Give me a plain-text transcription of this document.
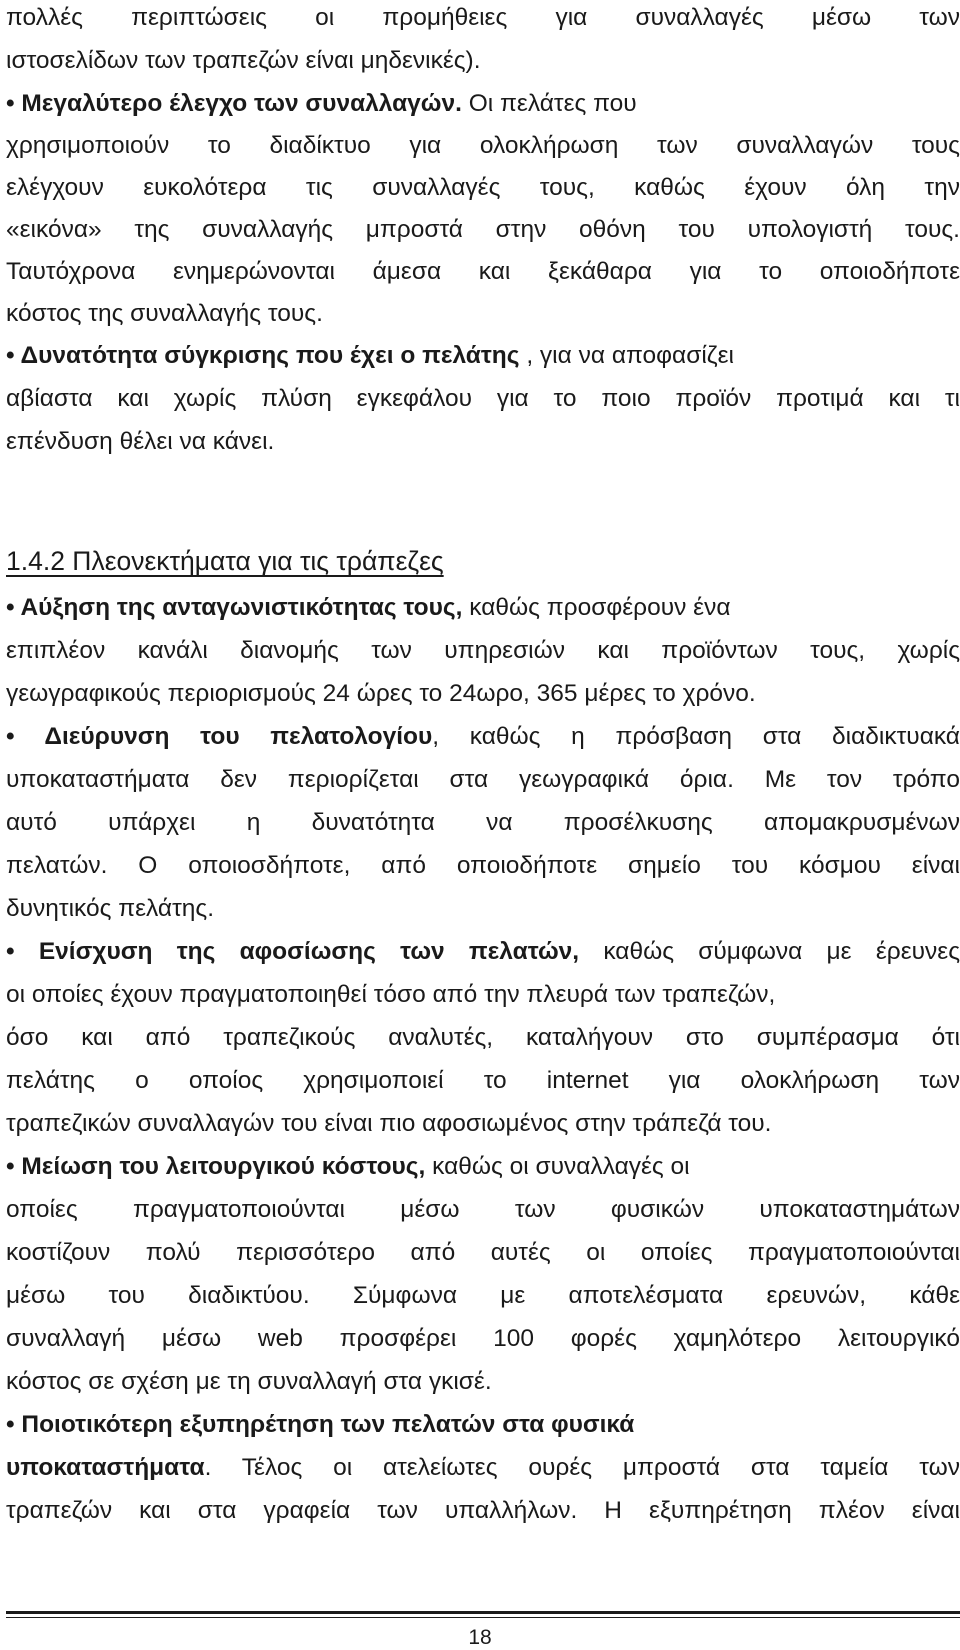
πολλές περιπτώσεις οι προμήθειες για συναλλαγές μέσω των
ιστοσελίδων των τραπεζών είναι μηδενικές).
• Μεγαλύτερο έλεγχο των συναλλαγών. Οι πελάτες που
χρησιμοποιούν το διαδίκτυο για ολοκλήρωση των συναλλαγών τους
ελέγχουν ευκολότερα τις συναλλαγές τους, καθώς έχουν όλη την
«εικόνα» της συναλλαγής μπροστά στην οθόνη του υπολογιστή τους.
Ταυτόχρονα ενημερώνονται άμεσα και ξεκάθαρα για το οποιοδήποτε
κόστος της συναλλαγής τους.
• Δυνατότητα σύγκρισης που έχει ο πελάτης , για να αποφασίζει
αβίαστα και χωρίς πλύση εγκεφάλου για το ποιο προϊόν προτιμά και τι
επένδυση θέλει να κάνει.
1.4.2 Πλεονεκτήματα για τις τράπεζες
• Αύξηση της ανταγωνιστικότητας τους, καθώς προσφέρουν ένα
επιπλέον κανάλι διανομής των υπηρεσιών και προϊόντων τους, χωρίς
γεωγραφικούς περιορισμούς 24 ώρες το 24ωρο, 365 μέρες το χρόνο.
• Διεύρυνση του πελατολογίου, καθώς η πρόσβαση στα διαδικτυακά
υποκαταστήματα δεν περιορίζεται στα γεωγραφικά όρια. Με τον τρόπο
αυτό υπάρχει η δυνατότητα να προσέλκυσης απομακρυσμένων
πελατών. Ο οποιοσδήποτε, από οποιοδήποτε σημείο του κόσμου είναι
δυνητικός πελάτης.
• Ενίσχυση της αφοσίωσης των πελατών, καθώς σύμφωνα με έρευνες
οι οποίες έχουν πραγματοποιηθεί τόσο από την πλευρά των τραπεζών,
όσο και από τραπεζικούς αναλυτές, καταλήγουν στο συμπέρασμα ότι
πελάτης ο οποίος χρησιμοποιεί το internet για ολοκλήρωση των
τραπεζικών συναλλαγών του είναι πιο αφοσιωμένος στην τράπεζά του.
• Μείωση του λειτουργικού κόστους, καθώς οι συναλλαγές οι
οποίες πραγματοποιούνται μέσω των φυσικών υποκαταστημάτων
κοστίζουν πολύ περισσότερο από αυτές οι οποίες πραγματοποιούνται
μέσω του διαδικτύου. Σύμφωνα με αποτελέσματα ερευνών, κάθε
συναλλαγή μέσω web προσφέρει 100 φορές χαμηλότερο λειτουργικό
κόστος σε σχέση με τη συναλλαγή στα γκισέ.
• Ποιοτικότερη εξυπηρέτηση των πελατών στα φυσικά
υποκαταστήματα. Τέλος οι ατελείωτες ουρές μπροστά στα ταμεία των
τραπεζών και στα γραφεία των υπαλλήλων. Η εξυπηρέτηση πλέον είναι
18
